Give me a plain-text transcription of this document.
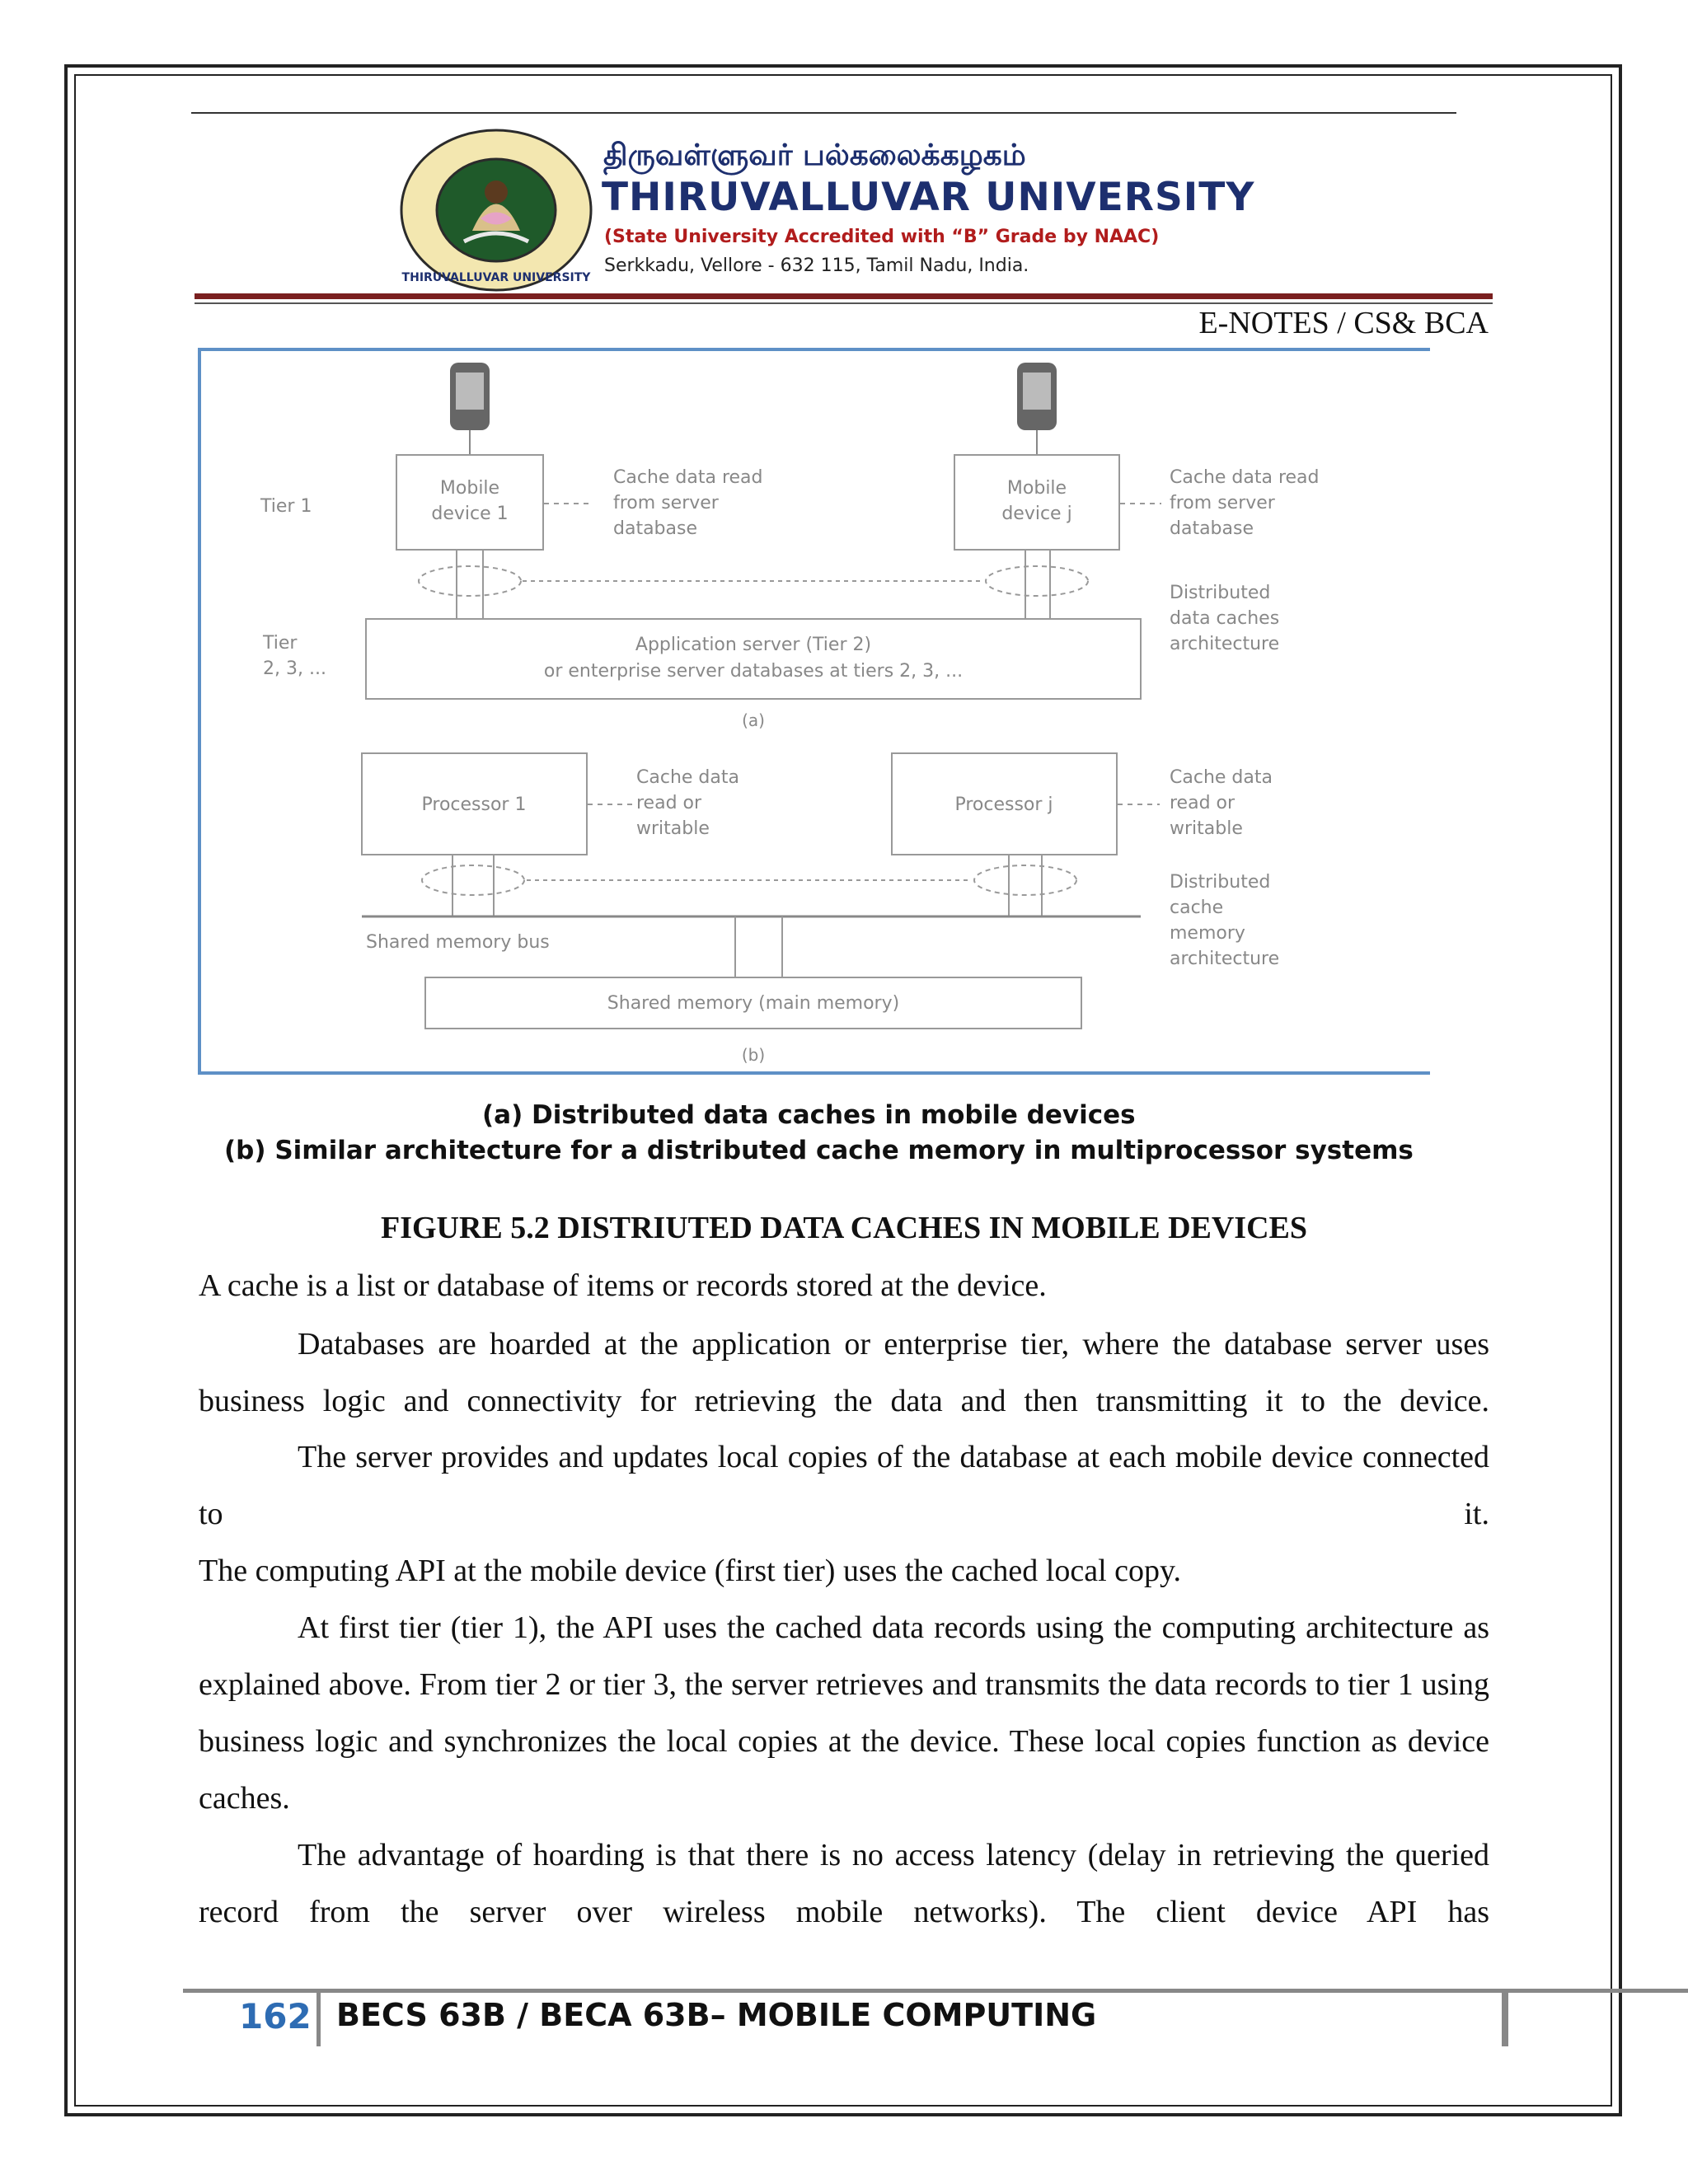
THIRUVALLUVAR UNIVERSITY
திருவள்ளுவர் பல்கலைக்கழகம்
THIRUVALLUVAR UNIVERSITY
(State University Accredited with “B” Grade by NAAC)
Serkkadu, Vellore - 632 115, Tamil Nadu, India.
E-NOTES / CS& BCA
Tier 1
Mobile
device 1
Cache data read
from server
database
Mobile
device j
Cache data read
from server
database
Distributed
data caches
architecture
Tier
2, 3, ...
Application server (Tier 2)
or enterprise server databases at tiers 2, 3, ...
(a)
Processor 1
Cache data
read or
writable
Processor j
Cache data
read or
writable
Distributed
cache
memory
architecture
Shared memory bus
Shared memory (main memory)
(b)
(a) Distributed data caches in mobile devices
(b) Similar architecture for a distributed cache memory in multiprocessor systems
FIGURE 5.2 DISTRIUTED DATA CACHES IN MOBILE DEVICES
A cache is a list or database of items or records stored at the device.
Databases are hoarded at the application or enterprise tier, where the database server uses business logic and connectivity for retrieving the data and then transmitting it to the device.
The server provides and updates local copies of the database at each mobile device connected to it.
The computing API at the mobile device (first tier) uses the cached local copy.
At first tier (tier 1), the API uses the cached data records using the computing architecture as explained above. From tier 2 or tier 3, the server retrieves and transmits the data records to tier 1 using business logic and synchronizes the local copies at the device. These local copies function as device caches.
The advantage of hoarding is that there is no access latency (delay in retrieving the queried record from the server over wireless mobile networks). The client device API has
162 BECS 63B / BECA 63B– MOBILE COMPUTING
